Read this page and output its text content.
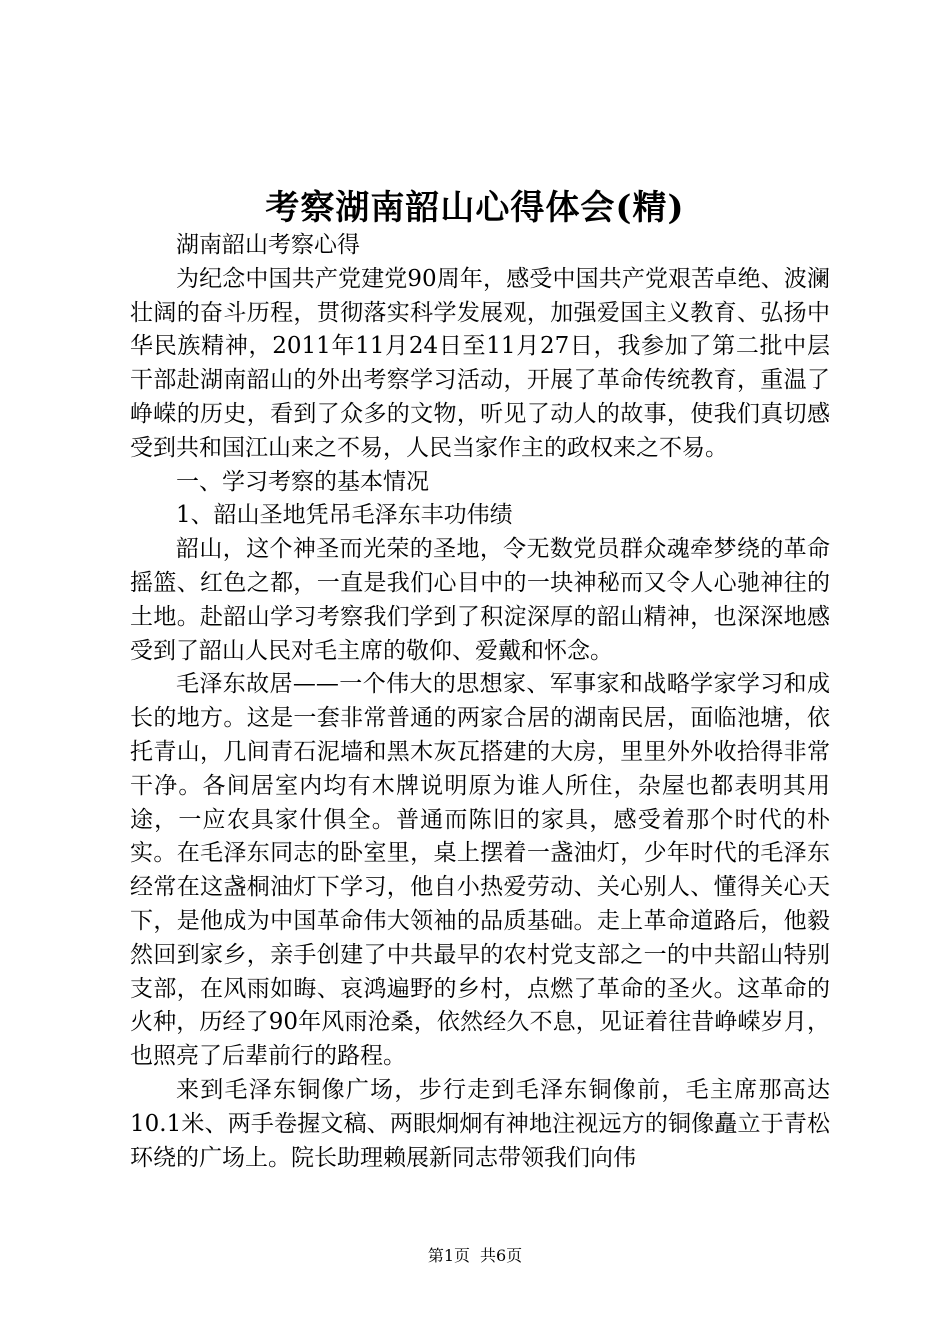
考察湖南韶山心得体会(精)

湖南韶山考察心得

为纪念中国共产党建党90周年，感受中国共产党艰苦卓绝、波澜壮阔的奋斗历程，贯彻落实科学发展观，加强爱国主义教育、弘扬中华民族精神，2011年11月24日至11月27日，我参加了第二批中层干部赴湖南韶山的外出考察学习活动，开展了革命传统教育，重温了峥嵘的历史，看到了众多的文物，听见了动人的故事，使我们真切感受到共和国江山来之不易，人民当家作主的政权来之不易。

一、学习考察的基本情况

1、韶山圣地凭吊毛泽东丰功伟绩

韶山，这个神圣而光荣的圣地，令无数党员群众魂牵梦绕的革命摇篮、红色之都，一直是我们心目中的一块神秘而又令人心驰神往的土地。赴韶山学习考察我们学到了积淀深厚的韶山精神，也深深地感受到了韶山人民对毛主席的敬仰、爱戴和怀念。

毛泽东故居——一个伟大的思想家、军事家和战略学家学习和成长的地方。这是一套非常普通的两家合居的湖南民居，面临池塘，依托青山，几间青石泥墙和黑木灰瓦搭建的大房，里里外外收拾得非常干净。各间居室内均有木牌说明原为谁人所住，杂屋也都表明其用途，一应农具家什俱全。普通而陈旧的家具，感受着那个时代的朴实。在毛泽东同志的卧室里，桌上摆着一盏油灯，少年时代的毛泽东经常在这盏桐油灯下学习，他自小热爱劳动、关心别人、懂得关心天下，是他成为中国革命伟大领袖的品质基础。走上革命道路后，他毅然回到家乡，亲手创建了中共最早的农村党支部之一的中共韶山特别支部，在风雨如晦、哀鸿遍野的乡村，点燃了革命的圣火。这革命的火种，历经了90年风雨沧桑，依然经久不息，见证着往昔峥嵘岁月，也照亮了后辈前行的路程。

来到毛泽东铜像广场，步行走到毛泽东铜像前，毛主席那高达10.1米、两手卷握文稿、两眼炯炯有神地注视远方的铜像矗立于青松环绕的广场上。院长助理赖展新同志带领我们向伟

第1页 共6页
